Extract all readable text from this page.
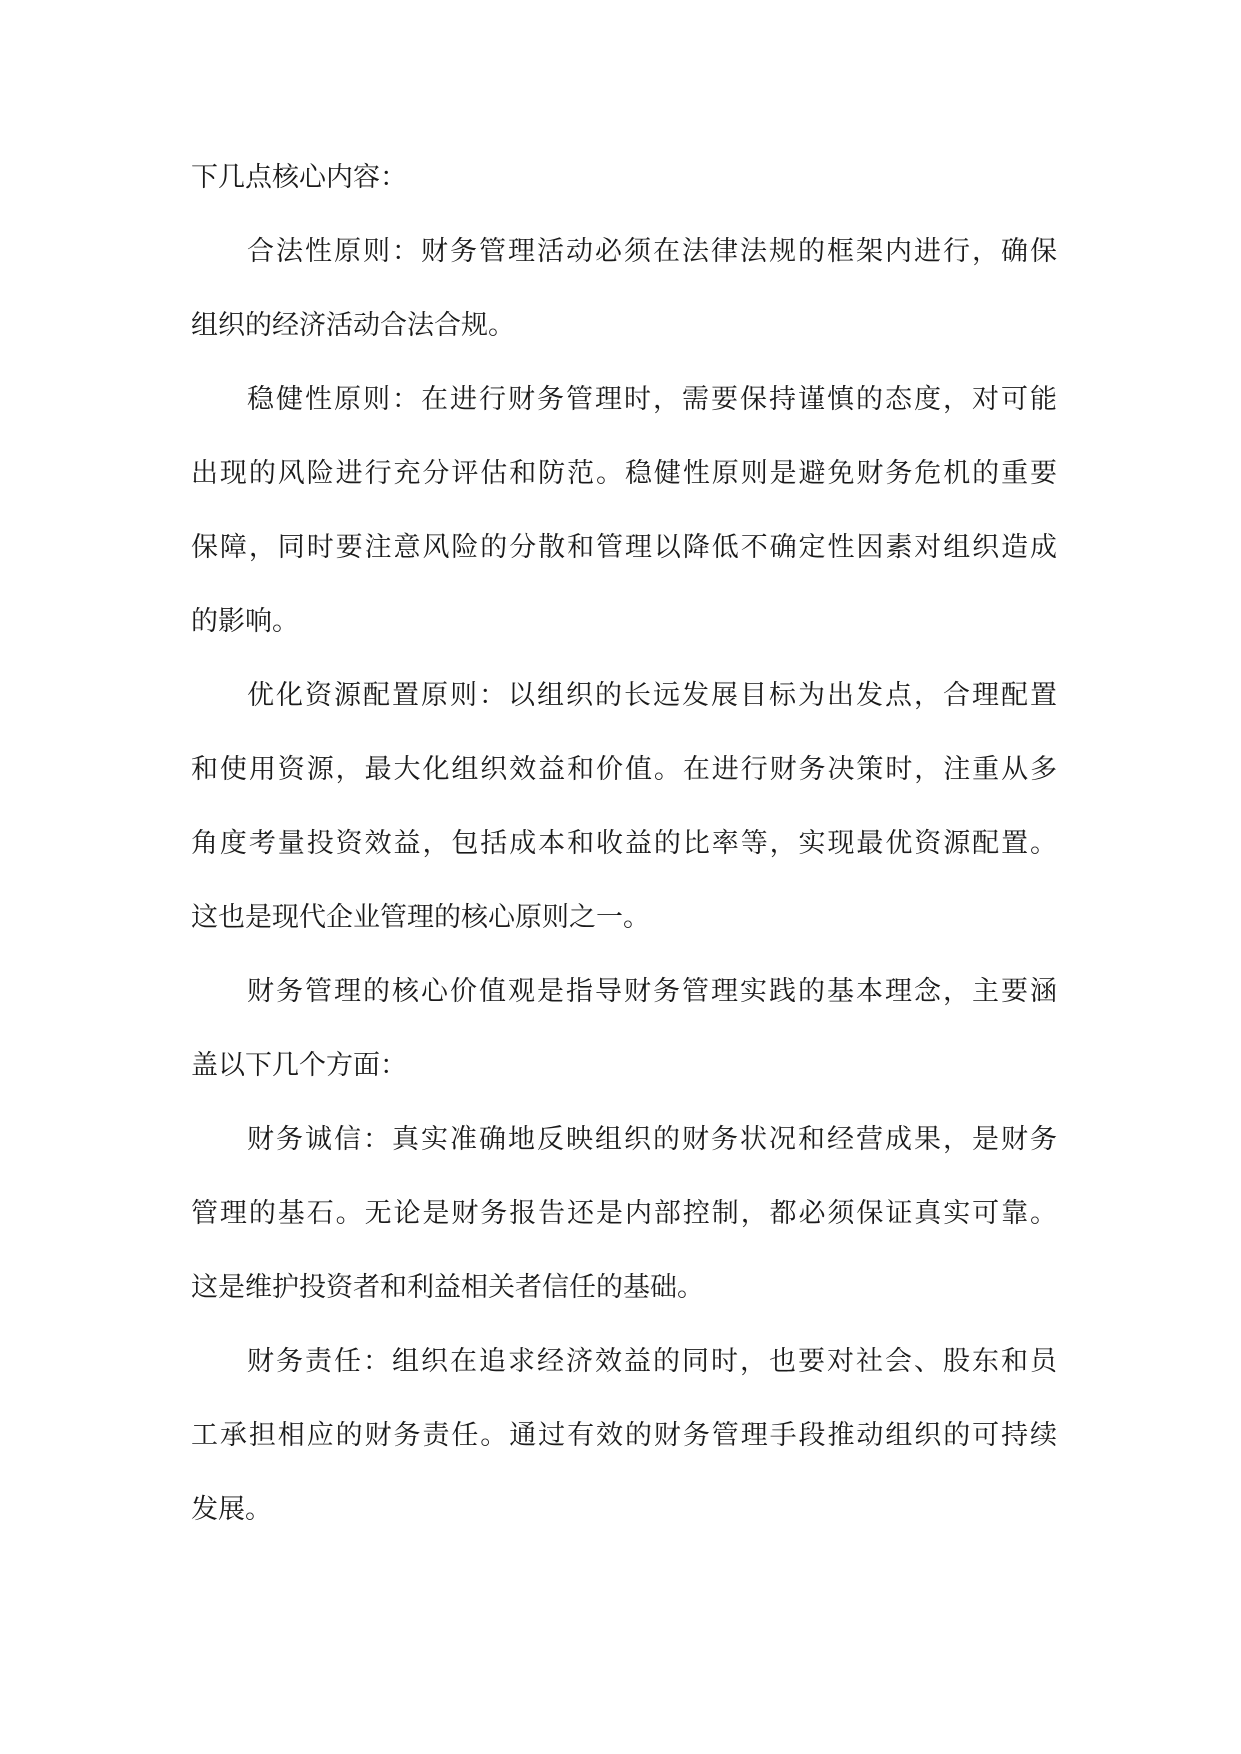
下几点核心内容：
合法性原则：财务管理活动必须在法律法规的框架内进行，确保
组织的经济活动合法合规。
稳健性原则：在进行财务管理时，需要保持谨慎的态度，对可能
出现的风险进行充分评估和防范。稳健性原则是避免财务危机的重要
保障，同时要注意风险的分散和管理以降低不确定性因素对组织造成
的影响。
优化资源配置原则：以组织的长远发展目标为出发点，合理配置
和使用资源，最大化组织效益和价值。在进行财务决策时，注重从多
角度考量投资效益，包括成本和收益的比率等，实现最优资源配置。
这也是现代企业管理的核心原则之一。
财务管理的核心价值观是指导财务管理实践的基本理念，主要涵
盖以下几个方面：
财务诚信：真实准确地反映组织的财务状况和经营成果，是财务
管理的基石。无论是财务报告还是内部控制，都必须保证真实可靠。
这是维护投资者和利益相关者信任的基础。
财务责任：组织在追求经济效益的同时，也要对社会、股东和员
工承担相应的财务责任。通过有效的财务管理手段推动组织的可持续
发展。
